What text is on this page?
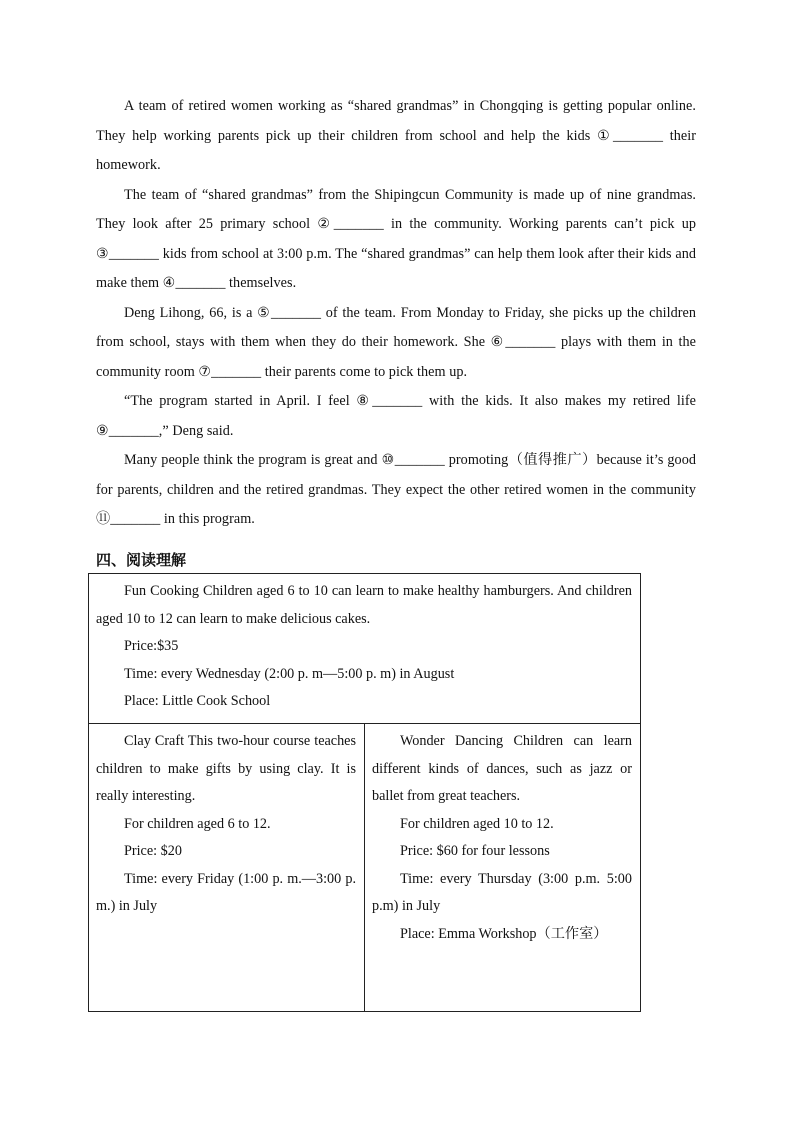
A team of retired women working as “shared grandmas” in Chongqing is getting popular online. They help working parents pick up their children from school and help the kids ①_______ their homework.

The team of “shared grandmas” from the Shipingcun Community is made up of nine grandmas. They look after 25 primary school ②_______ in the community. Working parents can’t pick up ③_______ kids from school at 3:00 p.m. The “shared grandmas” can help them look after their kids and make them ④_______ themselves.

Deng Lihong, 66, is a ⑤_______ of the team. From Monday to Friday, she picks up the children from school, stays with them when they do their homework. She ⑥_______ plays with them in the community room ⑦_______ their parents come to pick them up.

“The program started in April. I feel ⑧_______ with the kids. It also makes my retired life ⑨_______,” Deng said.

Many people think the program is great and ⑩_______ promoting（值得推广）because it’s good for parents, children and the retired grandmas. They expect the other retired women in the community ⑪_______ in this program.

四、阅读理解

Fun Cooking Children aged 6 to 10 can learn to make healthy hamburgers. And children aged 10 to 12 can learn to make delicious cakes.

Price:$35

Time: every Wednesday (2:00 p. m—5:00 p. m) in August

Place: Little Cook School

Clay Craft This two-hour course teaches children to make gifts by using clay. It is really interesting.

For children aged 6 to 12.

Price: $20

Time: every Friday (1:00 p. m.—3:00 p. m.) in July

Wonder Dancing Children can learn different kinds of dances, such as jazz or ballet from great teachers.

For children aged 10 to 12.

Price: $60 for four lessons

Time: every Thursday (3:00 p.m. 5:00 p.m) in July

Place: Emma Workshop（工作室）
